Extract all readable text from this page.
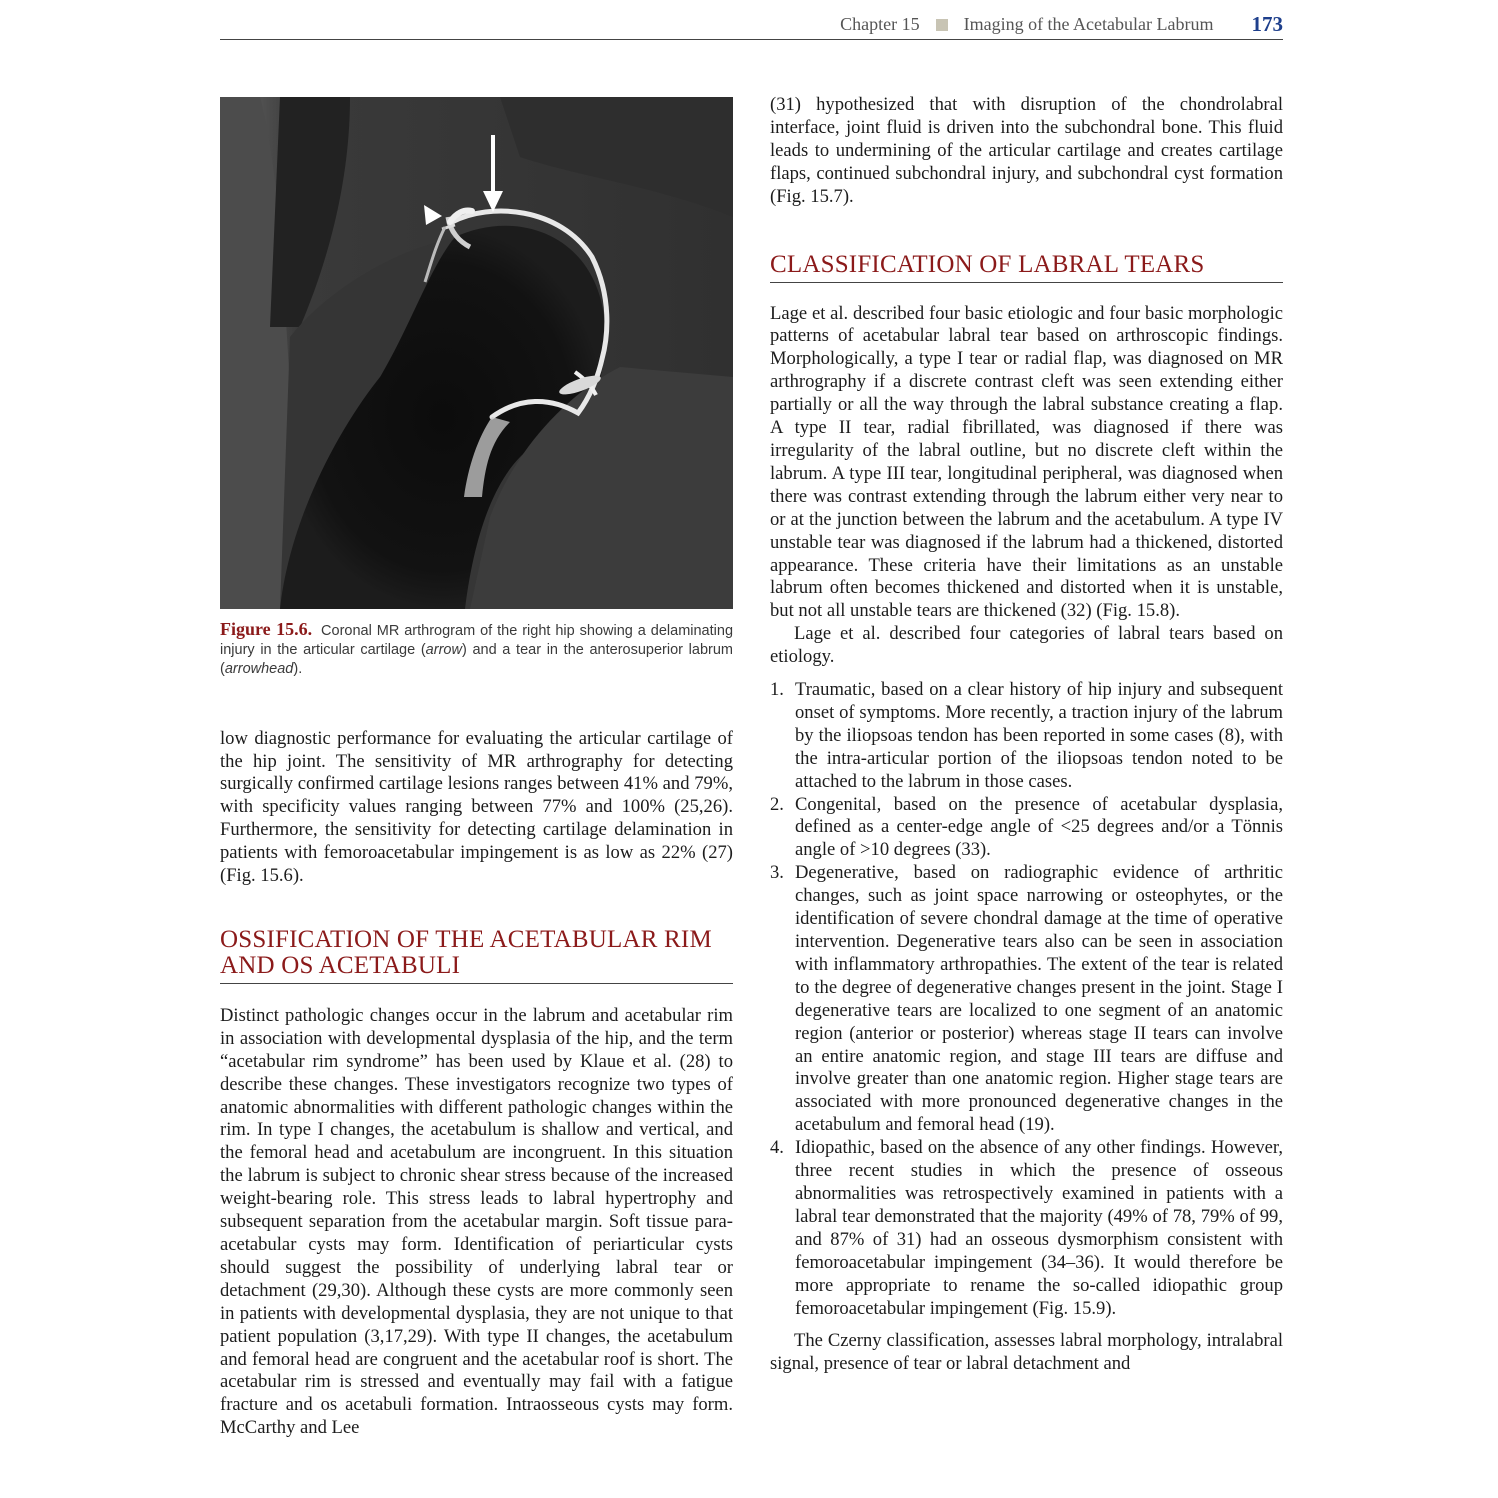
Chapter 15 Imaging of the Acetabular Labrum 173
Figure 15.6. Coronal MR arthrogram of the right hip showing a delaminating injury in the articular cartilage (arrow) and a tear in the anterosuperior labrum (arrowhead).

low diagnostic performance for evaluating the articular cartilage of the hip joint. The sensitivity of MR arthrography for detecting surgically confirmed cartilage lesions ranges between 41% and 79%, with specificity values ranging between 77% and 100% (25,26). Furthermore, the sensitivity for detecting cartilage delamination in patients with femoroacetabular impingement is as low as 22% (27) (Fig. 15.6).

OSSIFICATION OF THE ACETABULAR RIM AND OS ACETABULI

Distinct pathologic changes occur in the labrum and acetabular rim in association with developmental dysplasia of the hip, and the term “acetabular rim syndrome” has been used by Klaue et al. (28) to describe these changes. These investigators recognize two types of anatomic abnormalities with different pathologic changes within the rim. In type I changes, the acetabulum is shallow and vertical, and the femoral head and acetabulum are incongruent. In this situation the labrum is subject to chronic shear stress because of the increased weight-bearing role. This stress leads to labral hypertrophy and subsequent separation from the acetabular margin. Soft tissue para-acetabular cysts may form. Identification of periarticular cysts should suggest the possibility of underlying labral tear or detachment (29,30). Although these cysts are more commonly seen in patients with developmental dysplasia, they are not unique to that patient population (3,17,29). With type II changes, the acetabulum and femoral head are congruent and the acetabular roof is short. The acetabular rim is stressed and eventually may fail with a fatigue fracture and os acetabuli formation. Intraosseous cysts may form. McCarthy and Lee

(31) hypothesized that with disruption of the chondrolabral interface, joint fluid is driven into the subchondral bone. This fluid leads to undermining of the articular cartilage and creates cartilage flaps, continued subchondral injury, and subchondral cyst formation (Fig. 15.7).

CLASSIFICATION OF LABRAL TEARS

Lage et al. described four basic etiologic and four basic morphologic patterns of acetabular labral tear based on arthroscopic findings. Morphologically, a type I tear or radial flap, was diagnosed on MR arthrography if a discrete contrast cleft was seen extending either partially or all the way through the labral substance creating a flap. A type II tear, radial fibrillated, was diagnosed if there was irregularity of the labral outline, but no discrete cleft within the labrum. A type III tear, longitudinal peripheral, was diagnosed when there was contrast extending through the labrum either very near to or at the junction between the labrum and the acetabulum. A type IV unstable tear was diagnosed if the labrum had a thickened, distorted appearance. These criteria have their limitations as an unstable labrum often becomes thickened and distorted when it is unstable, but not all unstable tears are thickened (32) (Fig. 15.8).

Lage et al. described four categories of labral tears based on etiology.

1. Traumatic, based on a clear history of hip injury and subsequent onset of symptoms. More recently, a traction injury of the labrum by the iliopsoas tendon has been reported in some cases (8), with the intra-articular portion of the iliopsoas tendon noted to be attached to the labrum in those cases.
2. Congenital, based on the presence of acetabular dysplasia, defined as a center-edge angle of <25 degrees and/or a Tönnis angle of >10 degrees (33).
3. Degenerative, based on radiographic evidence of arthritic changes, such as joint space narrowing or osteophytes, or the identification of severe chondral damage at the time of operative intervention. Degenerative tears also can be seen in association with inflammatory arthropathies. The extent of the tear is related to the degree of degenerative changes present in the joint. Stage I degenerative tears are localized to one segment of an anatomic region (anterior or posterior) whereas stage II tears can involve an entire anatomic region, and stage III tears are diffuse and involve greater than one anatomic region. Higher stage tears are associated with more pronounced degenerative changes in the acetabulum and femoral head (19).
4. Idiopathic, based on the absence of any other findings. However, three recent studies in which the presence of osseous abnormalities was retrospectively examined in patients with a labral tear demonstrated that the majority (49% of 78, 79% of 99, and 87% of 31) had an osseous dysmorphism consistent with femoroacetabular impingement (34–36). It would therefore be more appropriate to rename the so-called idiopathic group femoroacetabular impingement (Fig. 15.9).

The Czerny classification, assesses labral morphology, intralabral signal, presence of tear or labral detachment and
